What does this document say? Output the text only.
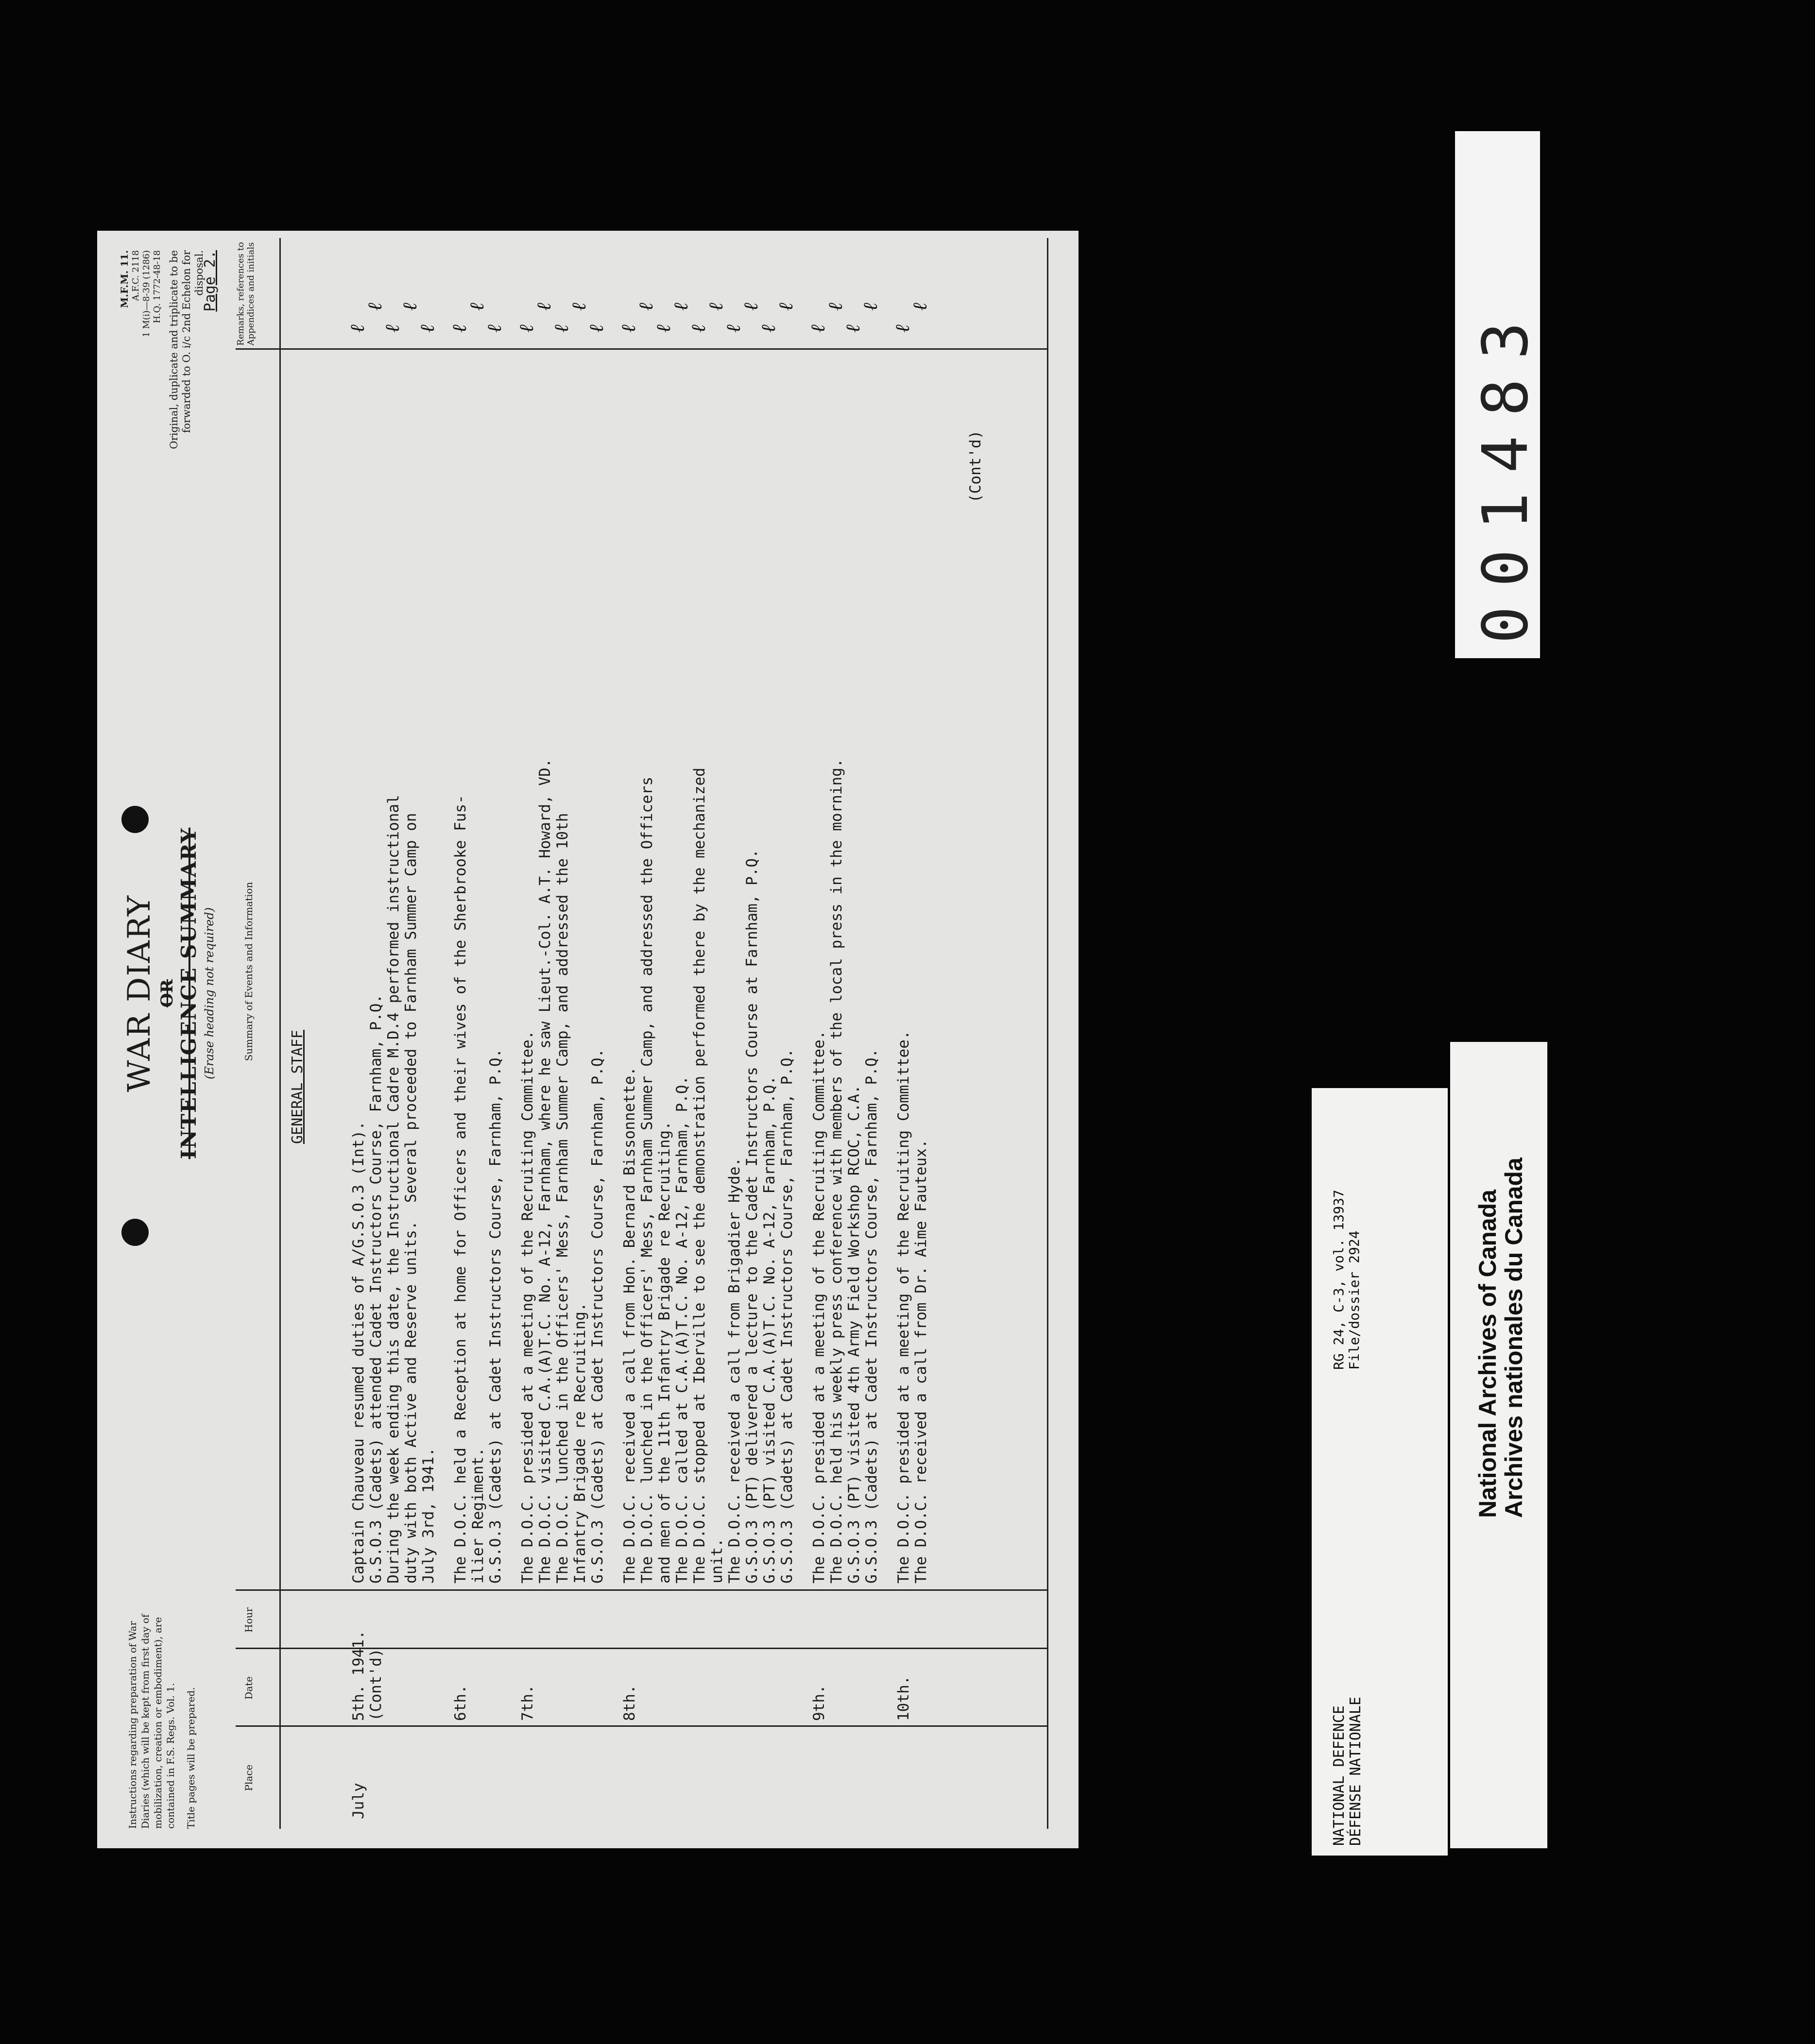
Instructions regarding preparation of War Diaries (which will be kept from first day of mobilization, creation or embodiment), are contained in F.S. Regs. Vol. 1. Title pages will be prepared.
WAR DIARY OR INTELLIGENCE SUMMARY (Erase heading not required)
M.F.M. 11.
A.F.C. 2118
1 M(i)—8-39 (1286)
H.Q. 1772-48-18 Original, duplicate and triplicate to be forwarded to O. i/c 2nd Echelon for disposal.
Page 2.
Place
Date
Hour
Summary of Events and Information
Remarks, references to Appendices and initials
GENERAL STAFF
July
5th. 1941. (Cont'd)
Captain Chauveau resumed duties of A/G.S.O.3 (Int).
ℓ
G.S.O.3 (Cadets) attended Cadet Instructors Course, Farnham, P.Q.
ℓ
During the week ending this date, the Instructional Cadre M.D.4 performed instructional
ℓ
duty with both Active and Reserve units.  Several proceeded to Farnham Summer Camp on
ℓ
July 3rd, 1941.
ℓ
6th.
The D.O.C. held a Reception at home for Officers and their wives of the Sherbrooke Fus-
ℓ
ilier Regiment.
ℓ
G.S.O.3 (Cadets) at Cadet Instructors Course, Farnham, P.Q.
ℓ
7th.
The D.O.C. presided at a meeting of the Recruiting Committee.
ℓ
The D.O.C. visited C.A.(A)T.C. No. A-12, Farnham, where he saw Lieut.-Col. A.T. Howard, VD.
ℓ
The D.O.C. lunched in the Officers' Mess, Farnham Summer Camp, and addressed the 10th
ℓ
Infantry Brigade re Recruiting.
ℓ
G.S.O.3 (Cadets) at Cadet Instructors Course, Farnham, P.Q.
ℓ
8th.
The D.O.C. received a call from Hon. Bernard Bissonnette.
ℓ
The D.O.C. lunched in the Officers' Mess, Farnham Summer Camp, and addressed the Officers
ℓ
and men of the 11th Infantry Brigade re Recruiting.
ℓ
The D.O.C. called at C.A.(A)T.C. No. A-12, Farnham, P.Q.
ℓ
The D.O.C. stopped at Iberville to see the demonstration performed there by the mechanized
ℓ
unit.
ℓ
The D.O.C. received a call from Brigadier Hyde.
ℓ
G.S.O.3 (PT) delivered a lecture to the Cadet Instructors Course at Farnham, P.Q.
ℓ
G.S.O.3 (PT) visited C.A.(A)T.C. No. A-12, Farnham, P.Q.
ℓ
G.S.O.3 (Cadets) at Cadet Instructors Course, Farnham, P.Q.
ℓ
9th.
The D.O.C. presided at a meeting of the Recruiting Committee.
ℓ
The D.O.C. held his weekly press conference with members of the local press in the morning.
ℓ
G.S.O.3 (PT) visited 4th Army Field Workshop RCOC, C.A.
ℓ
G.S.O.3 (Cadets) at Cadet Instructors Course, Farnham, P.Q.
ℓ
10th.
The D.O.C. presided at a meeting of the Recruiting Committee.
ℓ
The D.O.C. received a call from Dr. Aime Fauteux.
ℓ
(Cont'd)	001483
NATIONAL DEFENCE
DÉFENSE NATIONALE
RG 24, C-3, vol. 13937
File/dossier 2924	National Archives of Canada
Archives nationales du Canada
